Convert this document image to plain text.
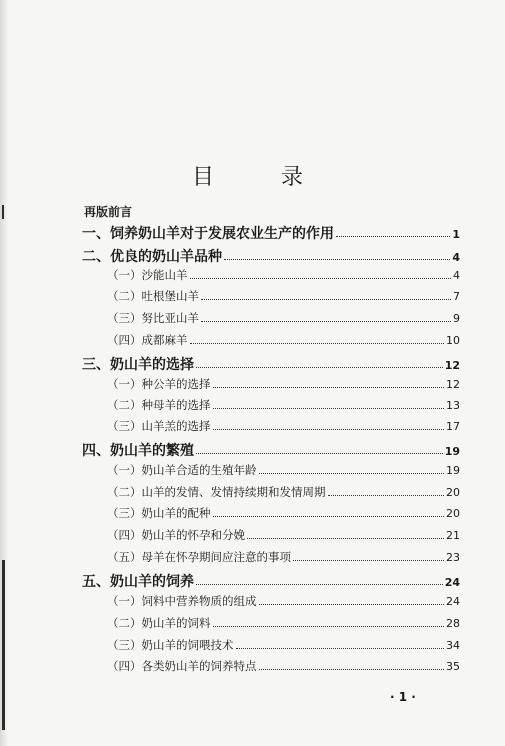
目 录
再版前言
一、饲养奶山羊对于发展农业生产的作用	1
二、优良的奶山羊品种	4
（一）沙能山羊	4
（二）吐根堡山羊	7
（三）努比亚山羊	9
（四）成都麻羊	10
三、奶山羊的选择	12
（一）种公羊的选择	12
（二）种母羊的选择	13
（三）山羊羔的选择	17
四、奶山羊的繁殖	19
（一）奶山羊合适的生殖年龄	19
（二）山羊的发情、发情持续期和发情周期	20
（三）奶山羊的配种	20
（四）奶山羊的怀孕和分娩	21
（五）母羊在怀孕期间应注意的事项	23
五、奶山羊的饲养	24
（一）饲料中营养物质的组成	24
（二）奶山羊的饲料	28
（三）奶山羊的饲喂技术	34
（四）各类奶山羊的饲养特点	35
· 1 ·
